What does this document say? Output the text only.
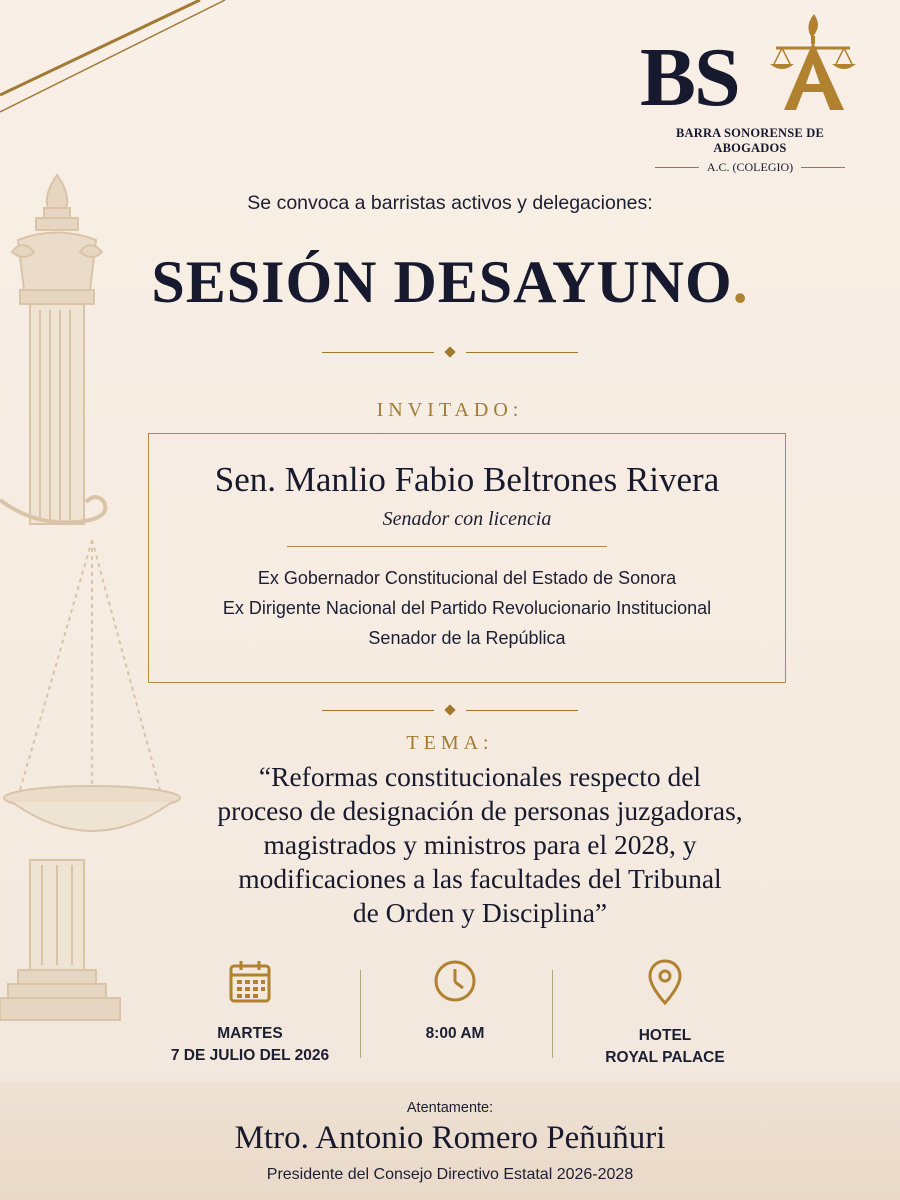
BS
BARRA SONORENSE DE ABOGADOS
A.C. (COLEGIO)
Se convoca a barristas activos y delegaciones:
SESIÓN DESAYUNO.
INVITADO:
Sen. Manlio Fabio Beltrones Rivera
Senador con licencia
Ex Gobernador Constitucional del Estado de Sonora
Ex Dirigente Nacional del Partido Revolucionario Institucional
Senador de la República
TEMA:
“Reformas constitucionales respecto del
proceso de designación de personas juzgadoras,
magistrados y ministros para el 2028, y
modificaciones a las facultades del Tribunal
de Orden y Disciplina”
MARTES
7 DE JULIO DEL 2026
8:00 AM	HOTEL
ROYAL PALACE
Atentamente:
Mtro. Antonio Romero Peñuñuri
Presidente del Consejo Directivo Estatal 2026-2028
